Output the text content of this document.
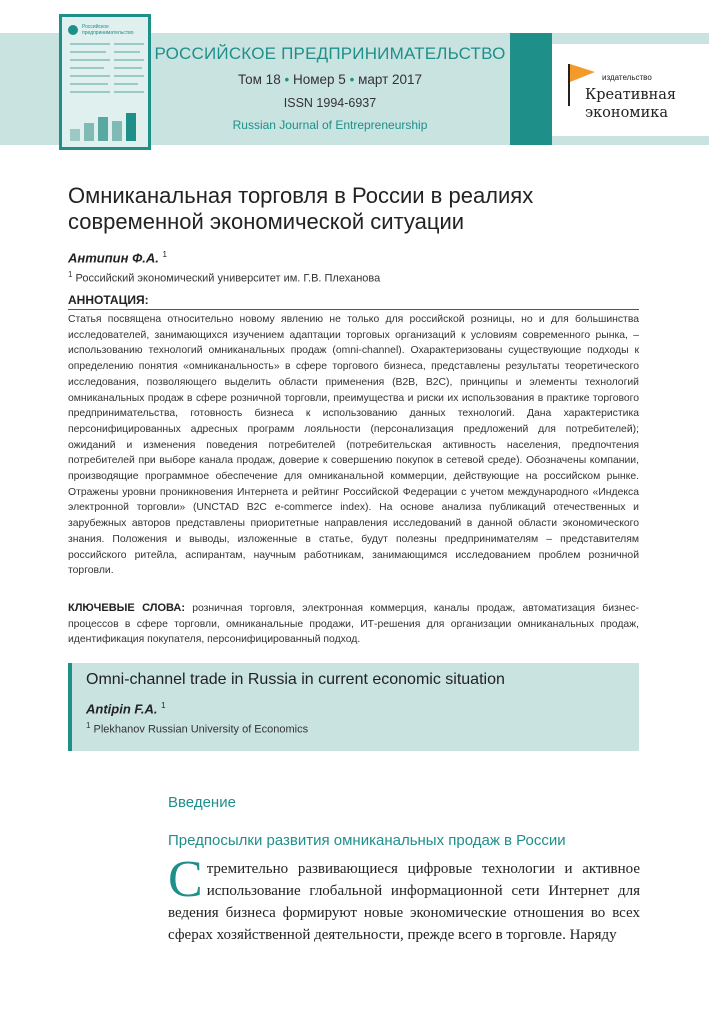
Российское предпринимательство
РОССИЙСКОЕ ПРЕДПРИНИМАТЕЛЬСТВО
Том 18 • Номер 5 • март 2017
ISSN 1994-6937
Russian Journal of Entrepreneurship
издательство
Креативная
экономика
Омниканальная торговля в России в реалиях современной экономической ситуации
Антипин Ф.А. $^1$
$^1$ Российский экономический университет им. Г.В. Плеханова
АННОТАЦИЯ:
Статья посвящена относительно новому явлению не только для российской розницы, но и для большинства исследователей, занимающихся изучением адаптации торговых организаций к условиям современного рынка, – использованию технологий омниканальных продаж (omni-channel). Охарактеризованы существующие подходы к определению понятия «омниканальность» в сфере торгового бизнеса, представлены результаты теоретического исследования, позволяющего выделить области применения (B2B, B2C), принципы и элементы технологий омниканальных продаж в сфере розничной торговли, преимущества и риски их использования в практике торгового предпринимательства, готовность бизнеса к использованию данных технологий. Дана характеристика персонифицированных адресных программ лояльности (персонализация предложений для потребителей); ожиданий и изменения поведения потребителей (потребительская активность населения, предпочтения потребителей при выборе канала продаж, доверие к совершению покупок в сетевой среде). Обозначены компании, производящие программное обеспечение для омниканальной коммерции, действующие на российском рынке. Отражены уровни проникновения Интернета и рейтинг Российской Федерации с учетом международного «Индекса электронной торговли» (UNCTAD B2C e-commerce index). На основе анализа публикаций отечественных и зарубежных авторов представлены приоритетные направления исследований в данной области экономического знания. Положения и выводы, изложенные в статье, будут полезны предпринимателям – представителям российского ритейла, аспирантам, научным работникам, занимающимся исследованием проблем розничной торговли.
КЛЮЧЕВЫЕ СЛОВА: розничная торговля, электронная коммерция, каналы продаж, автоматизация бизнес-процессов в сфере торговли, омниканальные продажи, ИТ-решения для организации омниканальных продаж, идентификация покупателя, персонифицированный подход.
Omni-channel trade in Russia in current economic situation
Antipin F.A. $^1$
$^1$ Plekhanov Russian University of Economics
Введение
Предпосылки развития омниканальных продаж в России
Стремительно развивающиеся цифровые технологии и активное использование глобальной информационной сети Интернет для ведения бизнеса формируют новые экономические отношения во всех сферах хозяйственной деятельности, прежде всего в торговле. Наряду
